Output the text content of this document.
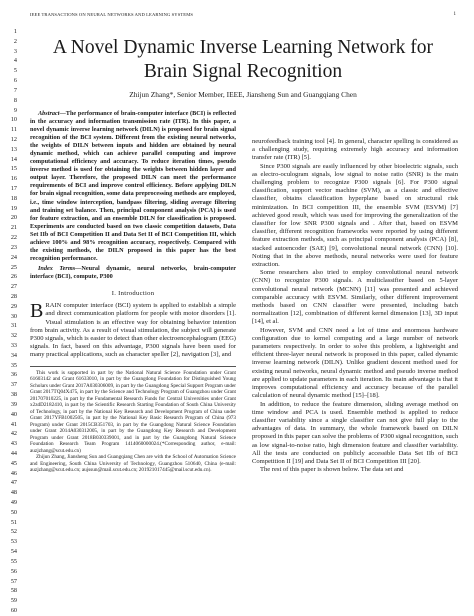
IEEE TRANSACTIONS ON NEURAL NETWORKS AND LEARNING SYSTEMS	1
1
2
3
4
5
6
7
8
9
10
11
12
13
14
15
16
17
18
19
20
21
22
23
24
25
26
27
28
29
30
31
32
33
34
35
36
37
38
39
40
41
42
43
44
45
46
47
48
49
50
51
52
53
54
55
56
57
58
59
60
A Novel Dynamic Inverse Learning Network for
Brain Signal Recognition
Zhijun Zhang*, Senior Member, IEEE, Jiansheng Sun and Guangqiang Chen

Abstract—The performance of brain-computer interface (BCI) is reflected in the accuracy and information transmission rate (ITR). In this paper, a novel dynamic inverse learning network (DILN) is proposed for brain signal recognition of the BCI system. Different from the existing neural networks, the weights of DILN between inputs and hidden are obtained by neural dynamic method, which can achieve parallel computing and improve computational efficiency and accuracy. To reduce iteration times, pseudo inverse method is used for obtaining the weights between hidden layer and output layer. Therefore, the proposed DILN can meet the performance requirements of BCI and improve control efficiency. Before applying DILN for brain signal recognition, some data preprocessing methods are employed, i.e., time window interception, bandpass filtering, sliding average filtering and training set balance. Then, principal component analysis (PCA) is used for feature extraction, and an ensemble DILN for classification is proposed. Experiments are conducted based on two classic competition datasets, Data Set IIb of BCI Competition II and Data Set II of BCI Competition III, which achieve 100% and 98% recognition accuracy, respectively. Compared with the existing methods, the DILN proposed in this paper has the best recognition performance.

Index Terms—Neural dynamic, neural networks, brain-computer interface (BCI), compute, P300

I. Introduction

BRAIN computer interface (BCI) system is applied to establish a simple and direct communication platform for people with motor disorders [1]. Visual stimulation is an effective way for obtaining behavior intention from brain activity. As a result of visual stimulation, the subject will generate P300 signals, which is easier to detect than other electroencephalogram (EEG) signals. In fact, based on this advantage, P300 signals have been used for many practical applications, such as character speller [2], navigation [3], and

This work is supported in part by the National Natural Science Foundation under Grant 61603142 and Grant 61633010, in part by the Guangdong Foundation for Distinguished Young Scholars under Grant 2017A030306009, in part by the Guangdong Special Support Program under Grant 2017TQ04X475, in part by the Science and Technology Program of Guangzhou under Grant 201707010225, in part by the Fundamental Research Funds for Central Universities under Grant x2zdD2182410, in part by the Scientific Research Starting Foundation of South China University of Technology, in part by the National Key Research and Development Program of China under Grant 2017YFB1002505, in part by the National Key Basic Research Program of China (973 Program) under Grant 2015CB351703, in part by the Guangdong Natural Science Foundation under Grant 2014A030312005, in part by the Guangdong Key Research and Development Program under Grant 2018B030339001, and in part by the Guangdong Natural Science Foundation Research Team Program 1414060000024.(*Corresponding author, e-mail: auzjzhang@scut.edu.cn)

Zhijun Zhang, Jiansheng Sun and Guangqiang Chen are with the School of Automation Science and Engineering, South China University of Technology, Guangzhou 510640, China (e-mail: auzjzhang@scut.edu.cn; aujssun@mail.scut.edu.cn; 201921017445@mail.scut.edu.cn).

neurofeedback training tool [4]. In general, character spelling is considered as a challenging study, requiring extremely high accuracy and information transfer rate (ITR) [5].

Since P300 signals are easily influenced by other bioelectric signals, such as electro-oculogram signals, low signal to noise ratio (SNR) is the main challenging problem to recognize P300 signals [6]. For P300 signal classification, support vector machine (SVM), as a classic and effective classifier, obtains classification hyperplane based on structural risk minimization. In BCI competition III, the ensemble SVM (ESVM) [7] achieved good result, which was used for improving the generalization of the classifier for low SNR P300 signals and . After that, based on ESVM classifier, different recognition frameworks were reported by using different feature extraction methods, such as principal component analysis (PCA) [8], stacked autoencoder (SAE) [9], convolutional neural network (CNN) [10]. Noting that in the above methods, neural networks were used for feature extraction.

Some researchers also tried to employ convolutional neural network (CNN) to recognize P300 signals. A multiclassifier based on 5-layer convolutional neural network (MCNN) [11] was presented and achieved comparable accuracy with ESVM. Similarly, other different improvement methods based on CNN classifier were presented, including batch normalization [12], combination of different kernel dimension [13], 3D input [14], et al.

However, SVM and CNN need a lot of time and enormous hardware configuration due to kernel computing and a large number of network parameters respectively. In order to solve this problem, a lightweight and efficient three-layer neural network is proposed in this paper, called dynamic inverse learning network (DILN). Unlike gradient descent method used for existing neural networks, neural dynamic method and pseudo inverse method are applied to update parameters in each iteration. Its main advantage is that it improves computational efficiency and accuracy because of the parallel calculation of neural dynamic method [15]–[18].

In addition, to reduce the feature dimension, sliding average method on time window and PCA is used. Ensemble method is applied to reduce classifier variability since a single classifier can not give full play to the advantages of data. In summary, the whole framework based on DILN proposed in this paper can solve the problems of P300 signal recognition, such as low signal-to-noise ratio, high dimension feature and classifier variability. All the tests are conducted on publicly accessible Data Set IIb of BCI Competition II [19] and Data Set II of BCI Competition III [20].

The rest of this paper is shown below. The data set and
